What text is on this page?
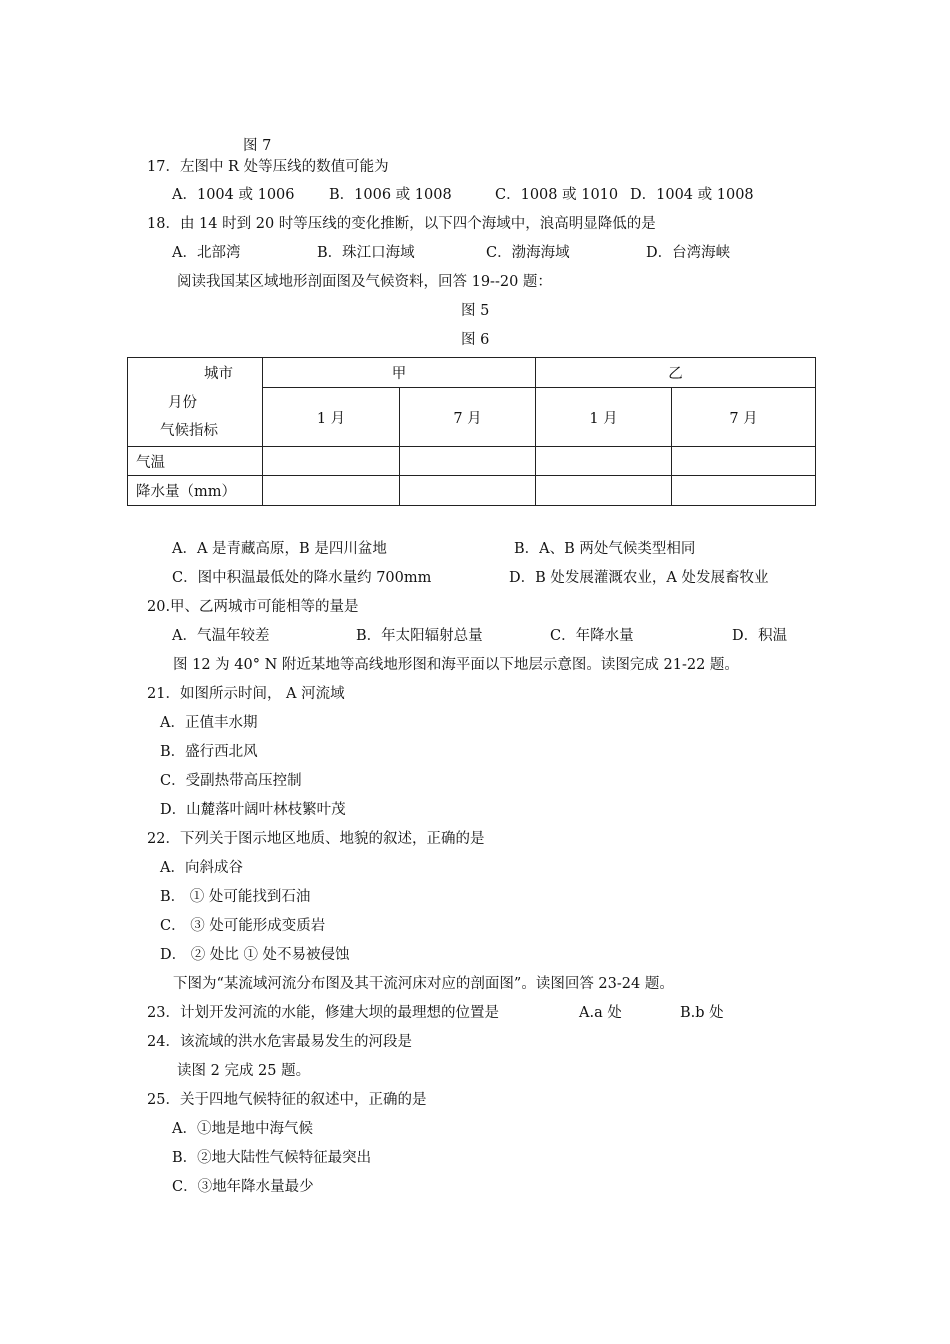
图 7
17．左图中 R 处等压线的数值可能为
A．1004 或 1006 B．1006 或 1008	C．1008 或 1010 D．1004 或 1008
18．由 14 时到 20 时等压线的变化推断，以下四个海域中，浪高明显降低的是
A．北部湾	B．珠江口海域	C．渤海海域	D．台湾海峡
阅读我国某区域地形剖面图及气候资料，回答 19--20 题：
图 5
图 6
城市
月份
气候指标	甲		乙	
	1 月	7 月	1 月	7 月
气温				
降水量（mm）				
A．A 是青藏高原，B 是四川盆地	B．A、B 两处气候类型相同
C．图中积温最低处的降水量约 700mm	D．B 处发展灌溉农业，A 处发展畜牧业
20.甲、乙两城市可能相等的量是
A．气温年较差	B．年太阳辐射总量	C．年降水量	D．积温
图 12 为 40° N 附近某地等高线地形图和海平面以下地层示意图。读图完成 21-22 题。
21．如图所示时间， A 河流域
A．正值丰水期
B．盛行西北风
C．受副热带高压控制
D．山麓落叶阔叶林枝繁叶茂
22．下列关于图示地区地质、地貌的叙述，正确的是
A．向斜成谷
B． ① 处可能找到石油
C． ③ 处可能形成变质岩
D． ② 处比 ① 处不易被侵蚀
下图为“某流域河流分布图及其干流河床对应的剖面图”。读图回答 23-24 题。
23．计划开发河流的水能，修建大坝的最理想的位置是	A.a 处	B.b 处
24．该流域的洪水危害最易发生的河段是
读图 2 完成 25 题。
25．关于四地气候特征的叙述中，正确的是
A．①地是地中海气候
B．②地大陆性气候特征最突出
C．③地年降水量最少
